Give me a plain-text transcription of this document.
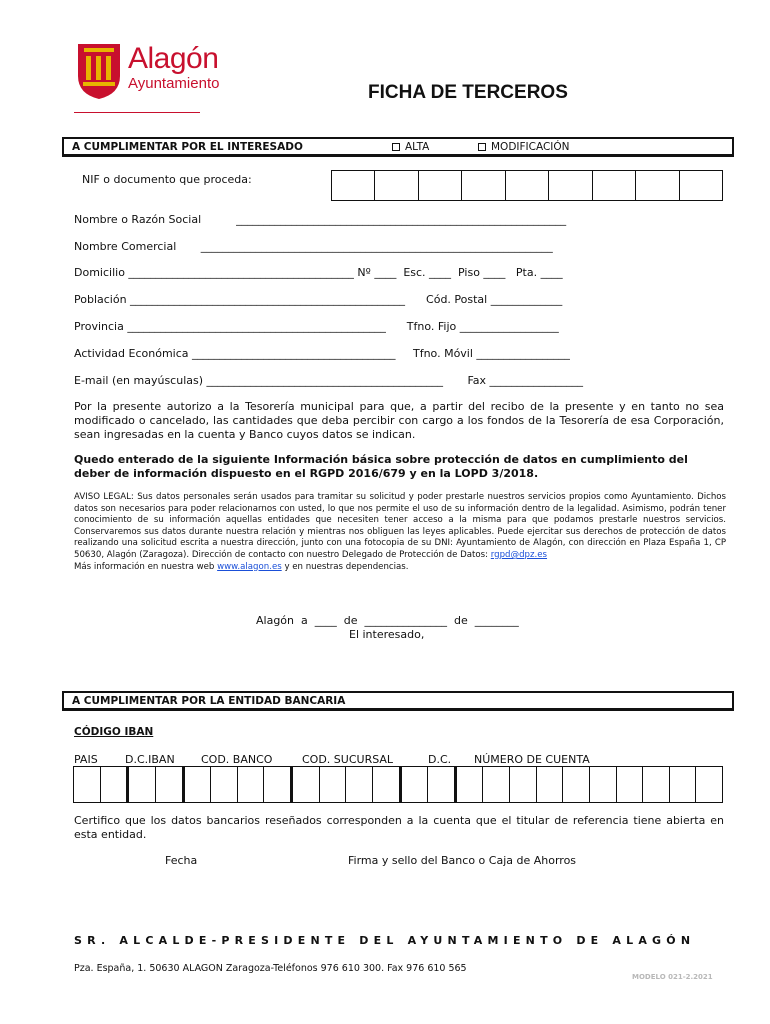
Alagón
Ayuntamiento	FICHA DE TERCEROS
A CUMPLIMENTAR POR EL INTERESADO	ALTA	MODIFICACIÓN
NIF o documento que proceda:
Nombre o Razón Social          ____________________________________________________________
Nombre Comercial       ________________________________________________________________
Domicilio _________________________________________ Nº ____  Esc. ____  Piso ____   Pta. ____
Población __________________________________________________      Cód. Postal _____________
Provincia _______________________________________________      Tfno. Fijo __________________
Actividad Económica _____________________________________     Tfno. Móvil _________________
E-mail (en mayúsculas) ___________________________________________       Fax _________________
Por la presente autorizo a la Tesorería municipal para que, a partir del recibo de la presente y en tanto no sea modificado o cancelado, las cantidades que deba percibir con cargo a los fondos de la Tesorería de esa Corporación, sean ingresadas en la cuenta y Banco cuyos datos se indican.
Quedo enterado de la siguiente Información básica sobre protección de datos en cumplimiento del deber de información dispuesto en el RGPD 2016/679 y en la LOPD 3/2018.
AVISO LEGAL: Sus datos personales serán usados para tramitar su solicitud y poder prestarle nuestros servicios propios como Ayuntamiento. Dichos datos son necesarios para poder relacionarnos con usted, lo que nos permite el uso de su información dentro de la legalidad. Asimismo, podrán tener conocimiento de su información aquellas entidades que necesiten tener acceso a la misma para que podamos prestarle nuestros servicios. Conservaremos sus datos durante nuestra relación y mientras nos obliguen las leyes aplicables. Puede ejercitar sus derechos de protección de datos realizando una solicitud escrita a nuestra dirección, junto con una fotocopia de su DNI: Ayuntamiento de Alagón, con dirección en Plaza España 1, CP 50630, Alagón (Zaragoza). Dirección de contacto con nuestro Delegado de Protección de Datos: rgpd@dpz.es
Más información en nuestra web www.alagon.es y en nuestras dependencias.
Alagón  a  ____  de  _______________  de  ________
El interesado,
A CUMPLIMENTAR POR LA ENTIDAD BANCARIA
CÓDIGO IBAN
PAIS D.C.IBAN COD. BANCO	COD. SUCURSAL	D.C. NÚMERO DE CUENTA
Certifico que los datos bancarios reseñados corresponden a la cuenta que el titular de referencia tiene abierta en esta entidad.
Fecha	Firma y sello del Banco o Caja de Ahorros
SR. ALCALDE-PRESIDENTE DEL AYUNTAMIENTO DE ALAGÓN
Pza. España, 1. 50630 ALAGON Zaragoza-Teléfonos 976 610 300. Fax 976 610 565
MODELO 021-2.2021
